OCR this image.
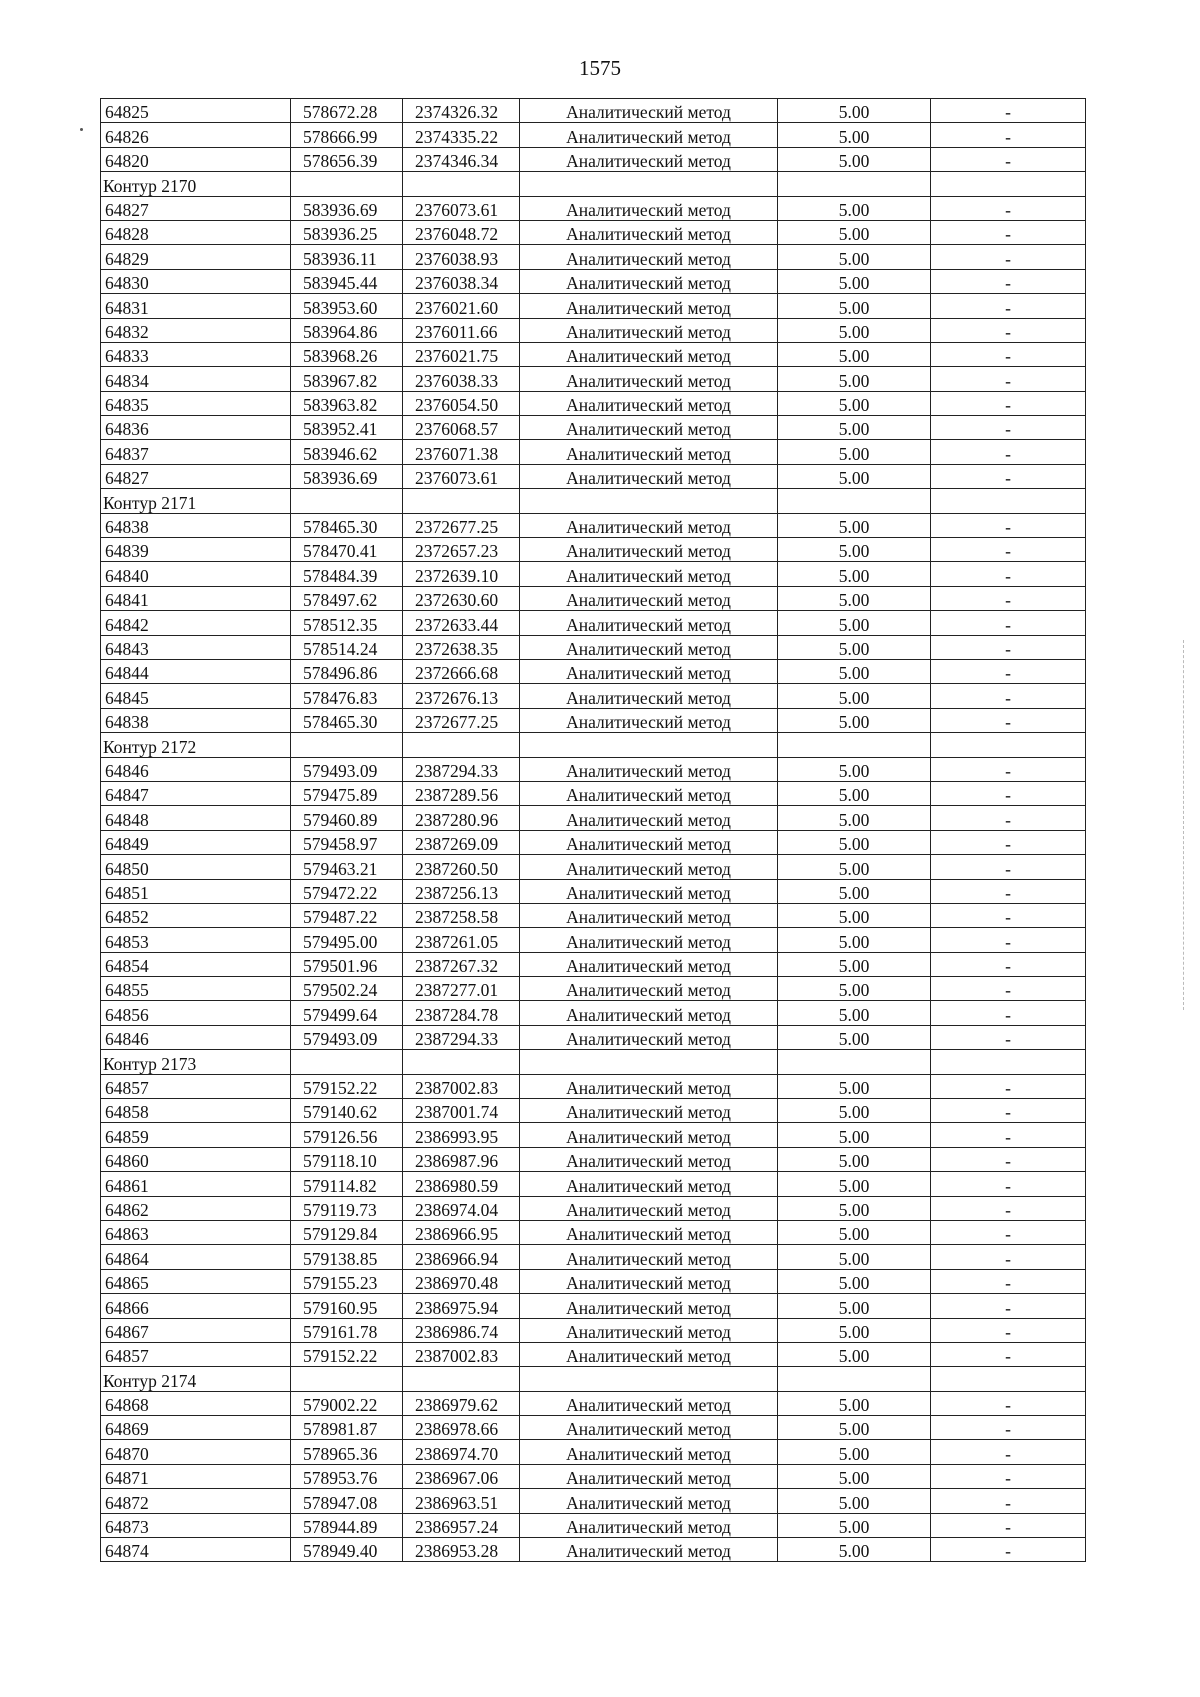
1575
64825	578672.28	2374326.32	Аналитический метод	5.00	-
64826	578666.99	2374335.22	Аналитический метод	5.00	-
64820	578656.39	2374346.34	Аналитический метод	5.00	-
Контур 2170					
64827	583936.69	2376073.61	Аналитический метод	5.00	-
64828	583936.25	2376048.72	Аналитический метод	5.00	-
64829	583936.11	2376038.93	Аналитический метод	5.00	-
64830	583945.44	2376038.34	Аналитический метод	5.00	-
64831	583953.60	2376021.60	Аналитический метод	5.00	-
64832	583964.86	2376011.66	Аналитический метод	5.00	-
64833	583968.26	2376021.75	Аналитический метод	5.00	-
64834	583967.82	2376038.33	Аналитический метод	5.00	-
64835	583963.82	2376054.50	Аналитический метод	5.00	-
64836	583952.41	2376068.57	Аналитический метод	5.00	-
64837	583946.62	2376071.38	Аналитический метод	5.00	-
64827	583936.69	2376073.61	Аналитический метод	5.00	-
Контур 2171					
64838	578465.30	2372677.25	Аналитический метод	5.00	-
64839	578470.41	2372657.23	Аналитический метод	5.00	-
64840	578484.39	2372639.10	Аналитический метод	5.00	-
64841	578497.62	2372630.60	Аналитический метод	5.00	-
64842	578512.35	2372633.44	Аналитический метод	5.00	-
64843	578514.24	2372638.35	Аналитический метод	5.00	-
64844	578496.86	2372666.68	Аналитический метод	5.00	-
64845	578476.83	2372676.13	Аналитический метод	5.00	-
64838	578465.30	2372677.25	Аналитический метод	5.00	-
Контур 2172					
64846	579493.09	2387294.33	Аналитический метод	5.00	-
64847	579475.89	2387289.56	Аналитический метод	5.00	-
64848	579460.89	2387280.96	Аналитический метод	5.00	-
64849	579458.97	2387269.09	Аналитический метод	5.00	-
64850	579463.21	2387260.50	Аналитический метод	5.00	-
64851	579472.22	2387256.13	Аналитический метод	5.00	-
64852	579487.22	2387258.58	Аналитический метод	5.00	-
64853	579495.00	2387261.05	Аналитический метод	5.00	-
64854	579501.96	2387267.32	Аналитический метод	5.00	-
64855	579502.24	2387277.01	Аналитический метод	5.00	-
64856	579499.64	2387284.78	Аналитический метод	5.00	-
64846	579493.09	2387294.33	Аналитический метод	5.00	-
Контур 2173					
64857	579152.22	2387002.83	Аналитический метод	5.00	-
64858	579140.62	2387001.74	Аналитический метод	5.00	-
64859	579126.56	2386993.95	Аналитический метод	5.00	-
64860	579118.10	2386987.96	Аналитический метод	5.00	-
64861	579114.82	2386980.59	Аналитический метод	5.00	-
64862	579119.73	2386974.04	Аналитический метод	5.00	-
64863	579129.84	2386966.95	Аналитический метод	5.00	-
64864	579138.85	2386966.94	Аналитический метод	5.00	-
64865	579155.23	2386970.48	Аналитический метод	5.00	-
64866	579160.95	2386975.94	Аналитический метод	5.00	-
64867	579161.78	2386986.74	Аналитический метод	5.00	-
64857	579152.22	2387002.83	Аналитический метод	5.00	-
Контур 2174					
64868	579002.22	2386979.62	Аналитический метод	5.00	-
64869	578981.87	2386978.66	Аналитический метод	5.00	-
64870	578965.36	2386974.70	Аналитический метод	5.00	-
64871	578953.76	2386967.06	Аналитический метод	5.00	-
64872	578947.08	2386963.51	Аналитический метод	5.00	-
64873	578944.89	2386957.24	Аналитический метод	5.00	-
64874	578949.40	2386953.28	Аналитический метод	5.00	-
